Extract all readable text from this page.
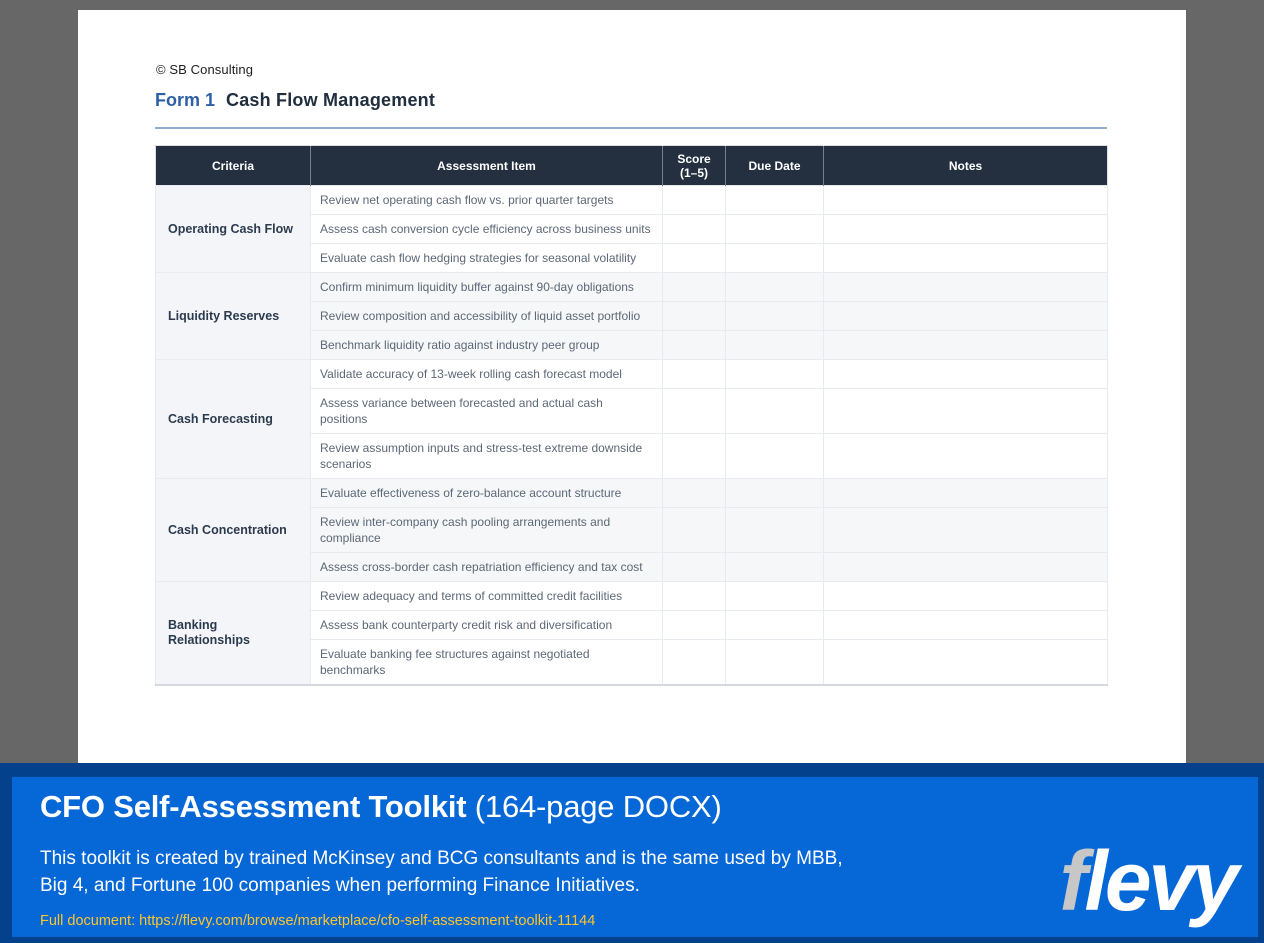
© SB Consulting
Form 1 Cash Flow Management
Criteria	Assessment Item	Score (1–5)	Due Date	Notes
Operating Cash Flow	Review net operating cash flow vs. prior quarter targets			
	Assess cash conversion cycle efficiency across business units			
	Evaluate cash flow hedging strategies for seasonal volatility			
Liquidity Reserves	Confirm minimum liquidity buffer against 90-day obligations			
	Review composition and accessibility of liquid asset portfolio			
	Benchmark liquidity ratio against industry peer group			
Cash Forecasting	Validate accuracy of 13-week rolling cash forecast model			
	Assess variance between forecasted and actual cash positions			
	Review assumption inputs and stress-test extreme downside scenarios			
Cash Concentration	Evaluate effectiveness of zero-balance account structure			
	Review inter-company cash pooling arrangements and compliance			
	Assess cross-border cash repatriation efficiency and tax cost			
Banking Relationships	Review adequacy and terms of committed credit facilities			
	Assess bank counterparty credit risk and diversification			
	Evaluate banking fee structures against negotiated benchmarks			
CFO Self-Assessment Toolkit (164-page DOCX)
This toolkit is created by trained McKinsey and BCG consultants and is the same used by MBB,
Big 4, and Fortune 100 companies when performing Finance Initiatives.
Full document: https://flevy.com/browse/marketplace/cfo-self-assessment-toolkit-11144	flevy
